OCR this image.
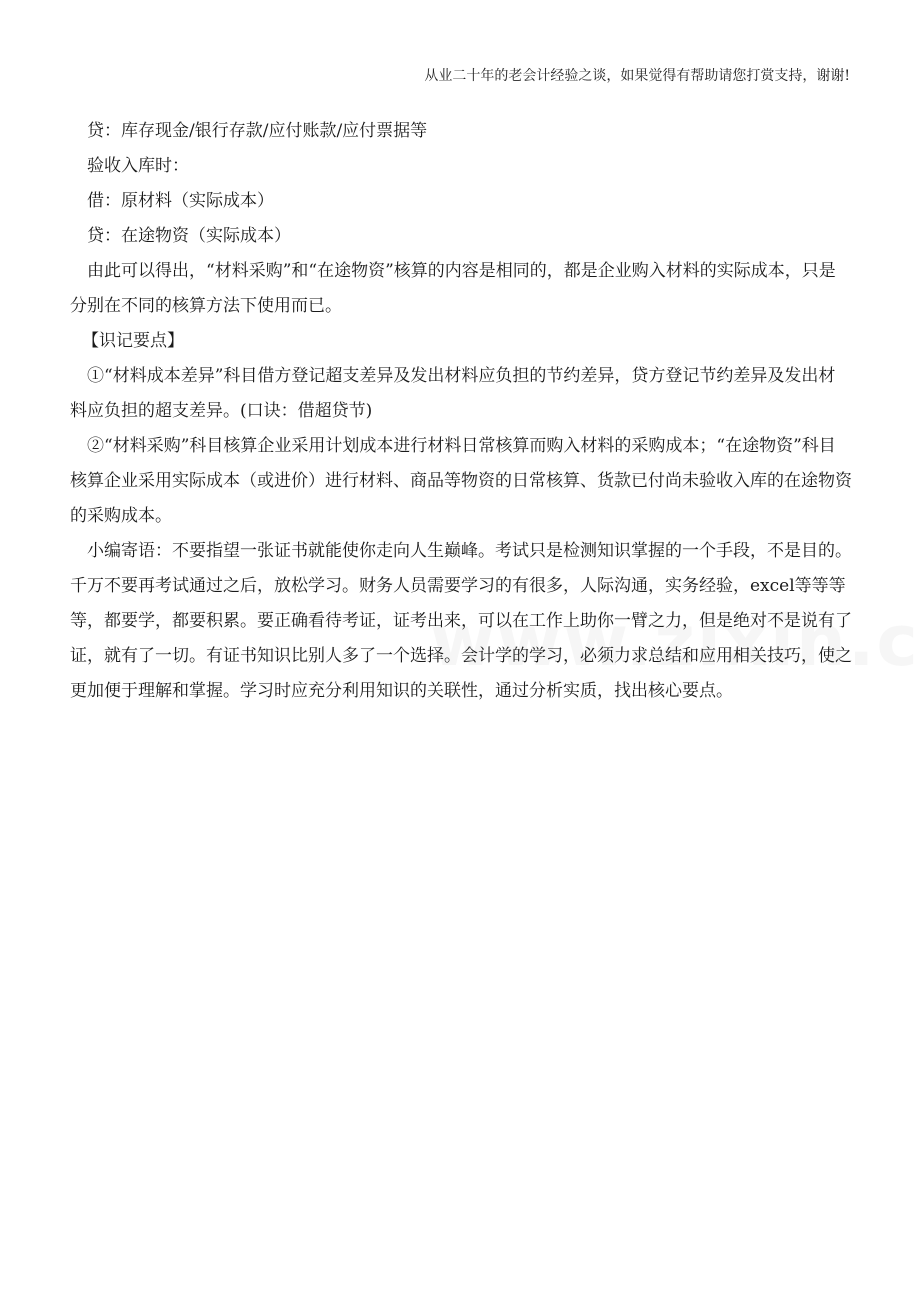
从业二十年的老会计经验之谈，如果觉得有帮助请您打赏支持，谢谢!

贷：库存现金/银行存款/应付账款/应付票据等

验收入库时：

借：原材料（实际成本）

贷：在途物资（实际成本）

由此可以得出，“材料采购”和“在途物资”核算的内容是相同的，都是企业购入材料的实际成本，只是分别在不同的核算方法下使用而已。

【识记要点】

①“材料成本差异”科目借方登记超支差异及发出材料应负担的节约差异，贷方登记节约差异及发出材料应负担的超支差异。(口诀：借超贷节)

②“材料采购”科目核算企业采用计划成本进行材料日常核算而购入材料的采购成本；“在途物资”科目核算企业采用实际成本（或进价）进行材料、商品等物资的日常核算、货款已付尚未验收入库的在途物资的采购成本。

小编寄语：不要指望一张证书就能使你走向人生巅峰。考试只是检测知识掌握的一个手段，不是目的。千万不要再考试通过之后，放松学习。财务人员需要学习的有很多，人际沟通，实务经验，excel等等等等，都要学，都要积累。要正确看待考证，证考出来，可以在工作上助你一臂之力，但是绝对不是说有了证，就有了一切。有证书知识比别人多了一个选择。会计学的学习，必须力求总结和应用相关技巧，使之更加便于理解和掌握。学习时应充分利用知识的关联性，通过分析实质，找出核心要点。
